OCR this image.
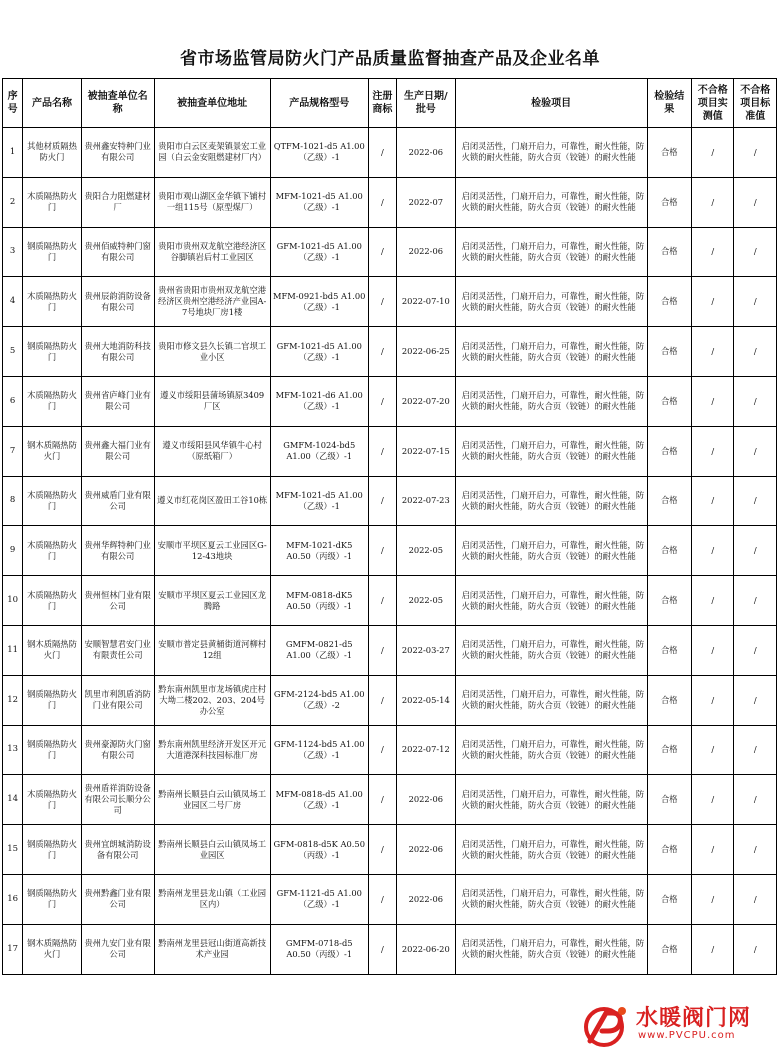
省市场监管局防火门产品质量监督抽查产品及企业名单
序号	产品名称	被抽查单位名称	被抽查单位地址	产品规格型号	注册商标	生产日期/批号	检验项目	检验结果	不合格项目实测值	不合格项目标准值
1	其他材质隔热防火门	贵州鑫安特种门业有限公司	贵阳市白云区麦架镇景宏工业园（白云金安阻燃建材厂内）	QTFM-1021-d5 A1.00（乙级）-1	/	2022-06	启闭灵活性，门扇开启力，可靠性，耐火性能，防火锁的耐火性能，防火合页（铰链）的耐火性能	合格	/	/
2	木质隔热防火门	贵阳合力阻燃建材厂	贵阳市观山湖区金华镇下铺村一组115号（原型煤厂）	MFM-1021-d5 A1.00（乙级）-1	/	2022-07	启闭灵活性，门扇开启力，可靠性，耐火性能，防火锁的耐火性能，防火合页（铰链）的耐火性能	合格	/	/
3	钢质隔热防火门	贵州佰威特种门窗有限公司	贵阳市贵州双龙航空港经济区谷脚镇岩后村工业园区	GFM-1021-d5 A1.00（乙级）-1	/	2022-06	启闭灵活性，门扇开启力，可靠性，耐火性能，防火锁的耐火性能，防火合页（铰链）的耐火性能	合格	/	/
4	木质隔热防火门	贵州辰韵消防设备有限公司	贵州省贵阳市贵州双龙航空港经济区贵州空港经济产业园A-7号地块厂房1楼	MFM-0921-bd5 A1.00（乙级）-1	/	2022-07-10	启闭灵活性，门扇开启力，可靠性，耐火性能，防火锁的耐火性能，防火合页（铰链）的耐火性能	合格	/	/
5	钢质隔热防火门	贵州大地消防科技有限公司	贵阳市修文县久长镇二官坝工业小区	GFM-1021-d5 A1.00（乙级）-1	/	2022-06-25	启闭灵活性，门扇开启力，可靠性，耐火性能，防火锁的耐火性能，防火合页（铰链）的耐火性能	合格	/	/
6	木质隔热防火门	贵州省庐峰门业有限公司	遵义市绥阳县蒲场镇原3409厂区	MFM-1021-d6 A1.00（乙级）-1	/	2022-07-20	启闭灵活性，门扇开启力，可靠性，耐火性能，防火锁的耐火性能，防火合页（铰链）的耐火性能	合格	/	/
7	钢木质隔热防火门	贵州鑫大福门业有限公司	遵义市绥阳县风华镇牛心村（原纸箱厂）	GMFM-1024-bd5 A1.00（乙级）-1	/	2022-07-15	启闭灵活性，门扇开启力，可靠性，耐火性能，防火锁的耐火性能，防火合页（铰链）的耐火性能	合格	/	/
8	木质隔热防火门	贵州威盾门业有限公司	遵义市红花岗区盈田工谷10栋	MFM-1021-d5 A1.00（乙级）-1	/	2022-07-23	启闭灵活性，门扇开启力，可靠性，耐火性能，防火锁的耐火性能，防火合页（铰链）的耐火性能	合格	/	/
9	木质隔热防火门	贵州华辉特种门业有限公司	安顺市平坝区夏云工业园区G-12-43地块	MFM-1021-dK5 A0.50（丙级）-1	/	2022-05	启闭灵活性，门扇开启力，可靠性，耐火性能，防火锁的耐火性能，防火合页（铰链）的耐火性能	合格	/	/
10	木质隔热防火门	贵州恒林门业有限公司	安顺市平坝区夏云工业园区龙腾路	MFM-0818-dK5 A0.50（丙级）-1	/	2022-05	启闭灵活性，门扇开启力，可靠性，耐火性能，防火锁的耐火性能，防火合页（铰链）的耐火性能	合格	/	/
11	钢木质隔热防火门	安顺智慧君安门业有限责任公司	安顺市普定县黄桶街道河柳村12组	GMFM-0821-d5 A1.00（乙级）-1	/	2022-03-27	启闭灵活性，门扇开启力，可靠性，耐火性能，防火锁的耐火性能，防火合页（铰链）的耐火性能	合格	/	/
12	钢质隔热防火门	凯里市利凯盾消防门业有限公司	黔东南州凯里市龙场镇虎庄村大坳二楼202、203、204号办公室	GFM-2124-bd5 A1.00（乙级）-2	/	2022-05-14	启闭灵活性，门扇开启力，可靠性，耐火性能，防火锁的耐火性能，防火合页（铰链）的耐火性能	合格	/	/
13	钢质隔热防火门	贵州豪源防火门窗有限公司	黔东南州凯里经济开发区开元大道港深科技园标准厂房	GFM-1124-bd5 A1.00（乙级）-1	/	2022-07-12	启闭灵活性，门扇开启力，可靠性，耐火性能，防火锁的耐火性能，防火合页（铰链）的耐火性能	合格	/	/
14	木质隔热防火门	贵州盾祥消防设备有限公司长顺分公司	黔南州长顺县白云山镇凤场工业园区二号厂房	MFM-0818-d5 A1.00（乙级）-1	/	2022-06	启闭灵活性，门扇开启力，可靠性，耐火性能，防火锁的耐火性能，防火合页（铰链）的耐火性能	合格	/	/
15	钢质隔热防火门	贵州宜朗城消防设备有限公司	黔南州长顺县白云山镇凤场工业园区	GFM-0818-d5K A0.50（丙级）-1	/	2022-06	启闭灵活性，门扇开启力，可靠性，耐火性能，防火锁的耐火性能，防火合页（铰链）的耐火性能	合格	/	/
16	钢质隔热防火门	贵州黔鑫门业有限公司	黔南州龙里县龙山镇（工业园区内）	GFM-1121-d5 A1.00（乙级）-1	/	2022-06	启闭灵活性，门扇开启力，可靠性，耐火性能，防火锁的耐火性能，防火合页（铰链）的耐火性能	合格	/	/
17	钢木质隔热防火门	贵州九安门业有限公司	黔南州龙里县冠山街道高新技术产业园	GMFM-0718-d5 A0.50（丙级）-1	/	2022-06-20	启闭灵活性，门扇开启力，可靠性，耐火性能，防火锁的耐火性能，防火合页（铰链）的耐火性能	合格	/	/
水暖阀门网
www.PVCPU.com
